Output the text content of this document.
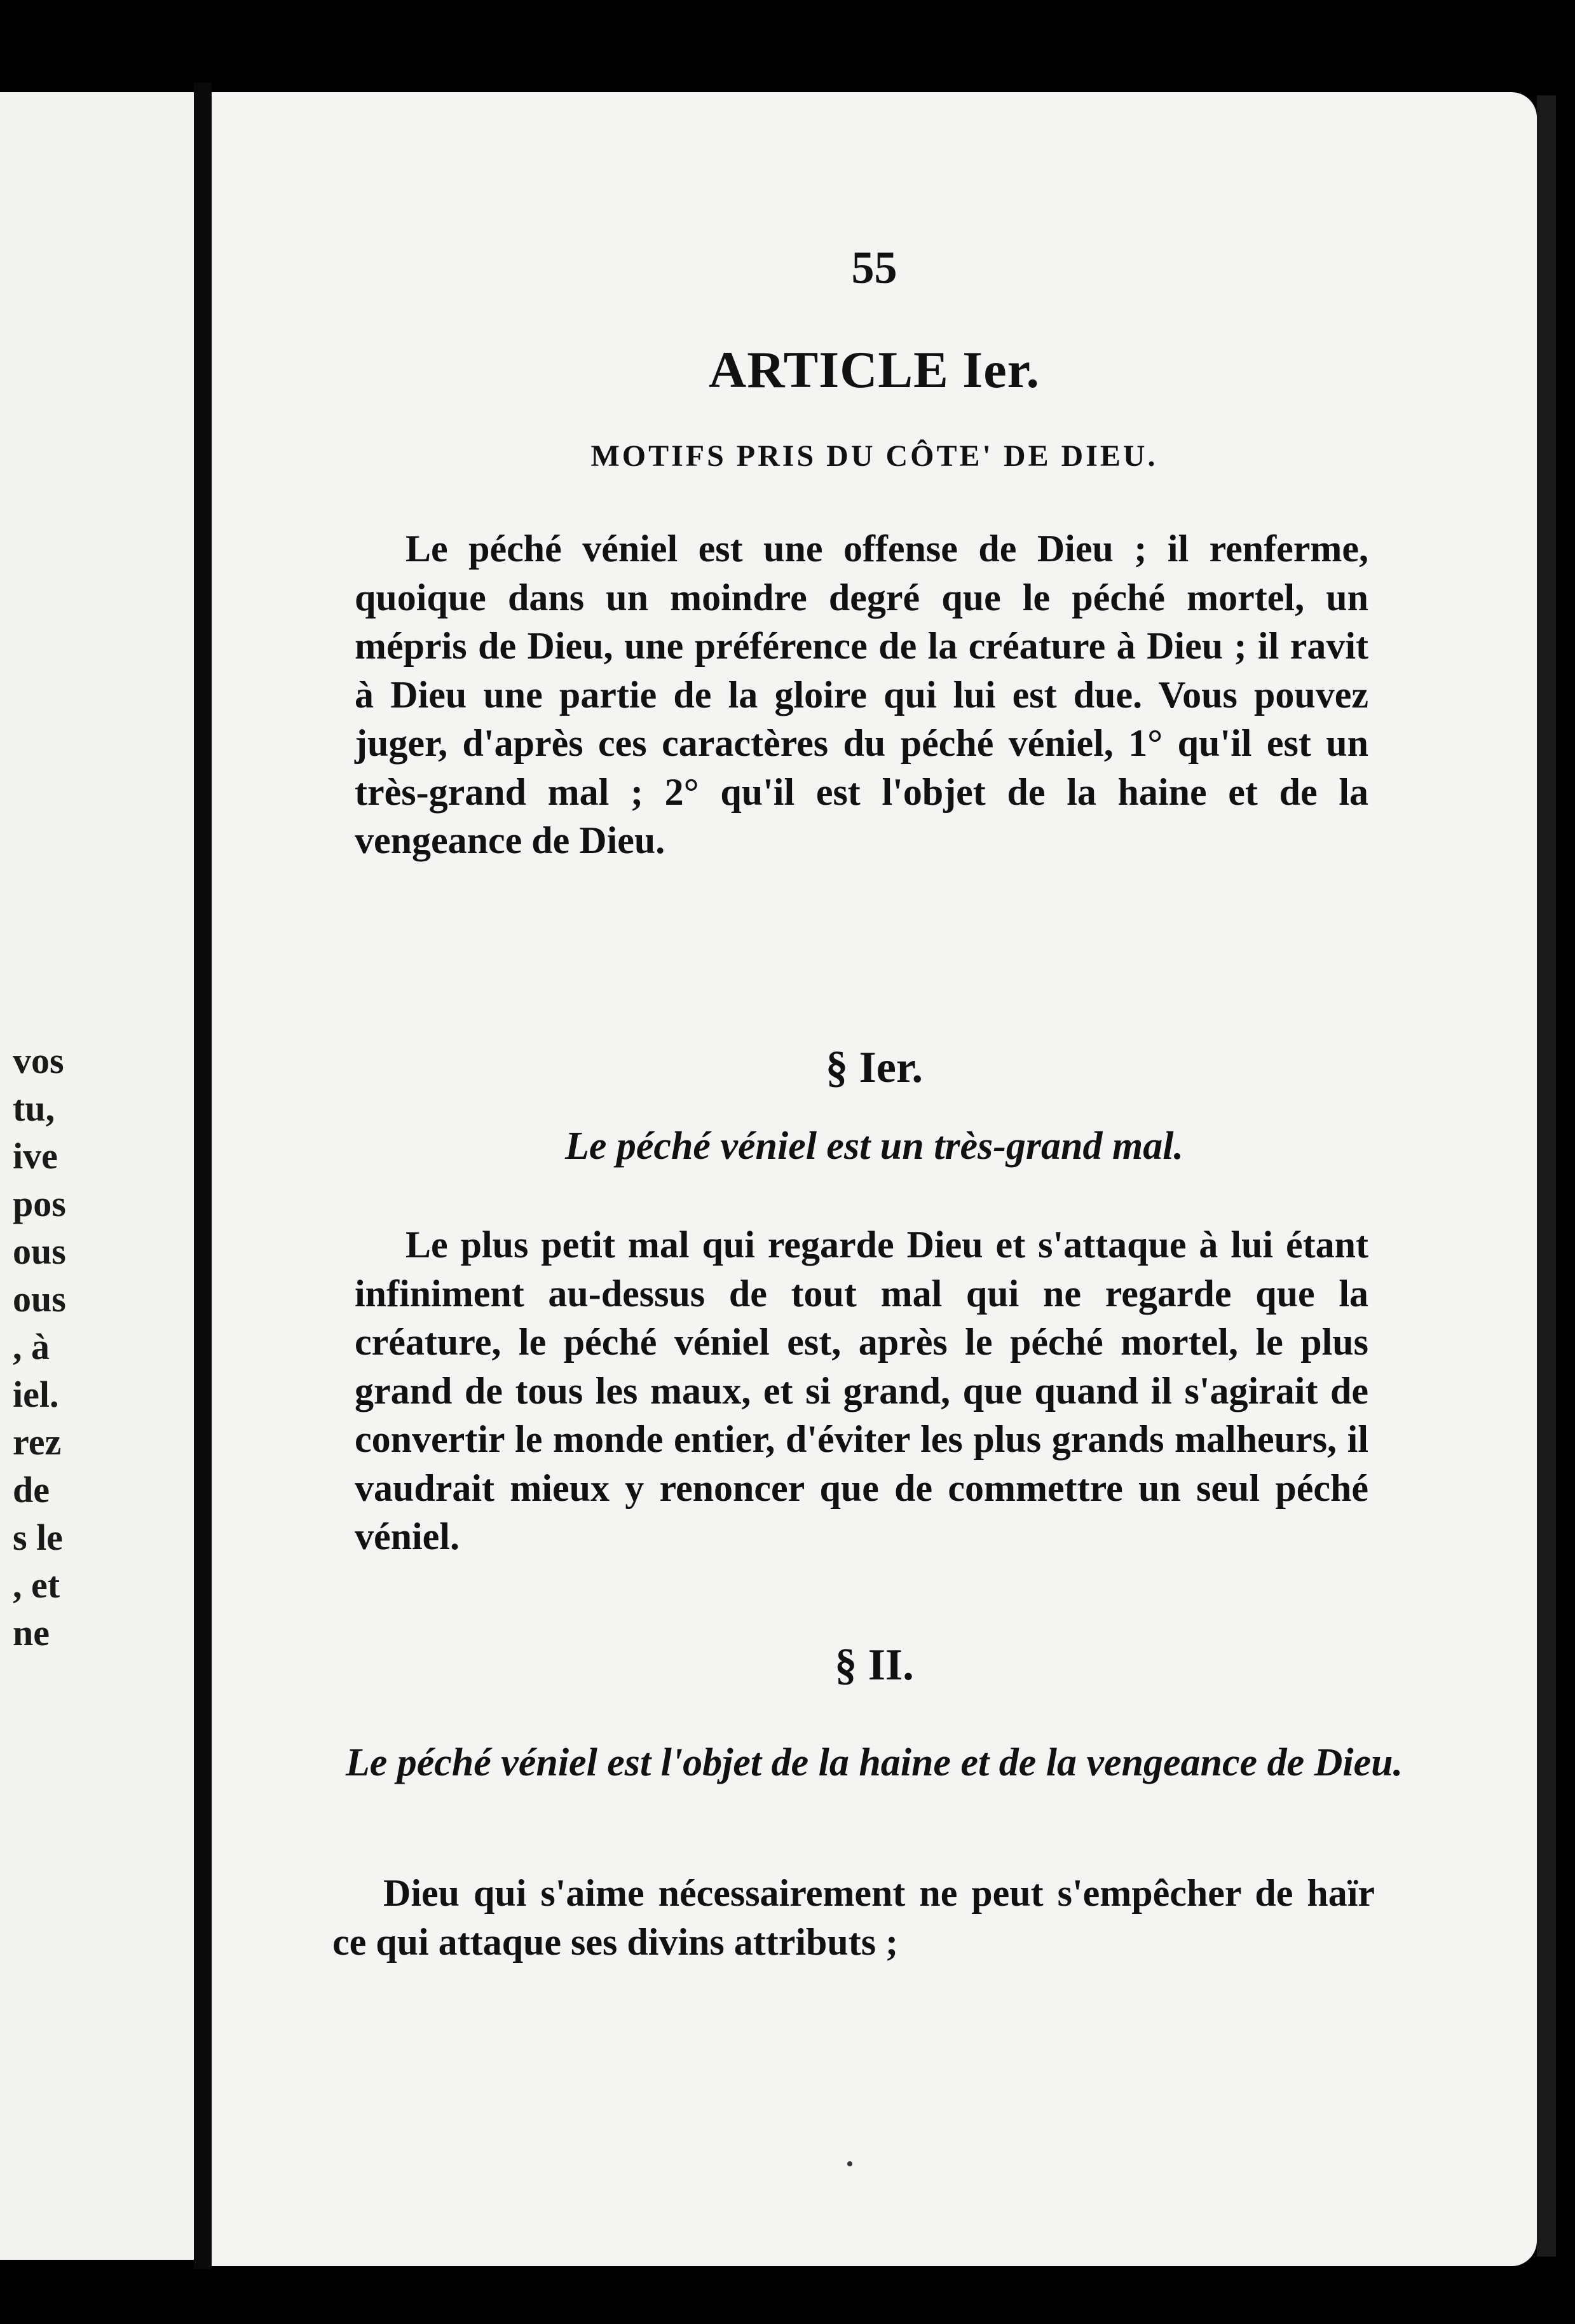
vos
tu,
ive
pos
ous
ous
, à
iel.
rez
de
s le
, et
ne
55
ARTICLE Ier.
MOTIFS PRIS DU CÔTE' DE DIEU.
Le péché véniel est une offense de Dieu ; il renferme, quoique dans un moindre degré que le péché mortel, un mépris de Dieu, une préférence de la créature à Dieu ; il ravit à Dieu une partie de la gloire qui lui est due. Vous pouvez juger, d'après ces caractères du péché véniel, 1° qu'il est un très-grand mal ; 2° qu'il est l'objet de la haine et de la vengeance de Dieu.
§ Ier.
Le péché véniel est un très-grand mal.
Le plus petit mal qui regarde Dieu et s'attaque à lui étant infiniment au-dessus de tout mal qui ne regarde que la créature, le péché véniel est, après le péché mortel, le plus grand de tous les maux, et si grand, que quand il s'agirait de convertir le monde entier, d'éviter les plus grands malheurs, il vaudrait mieux y renoncer que de commettre un seul péché véniel.
§ II.
Le péché véniel est l'objet de la haine et de la vengeance de Dieu.
Dieu qui s'aime nécessairement ne peut s'empêcher de haïr ce qui attaque ses divins attributs ;
